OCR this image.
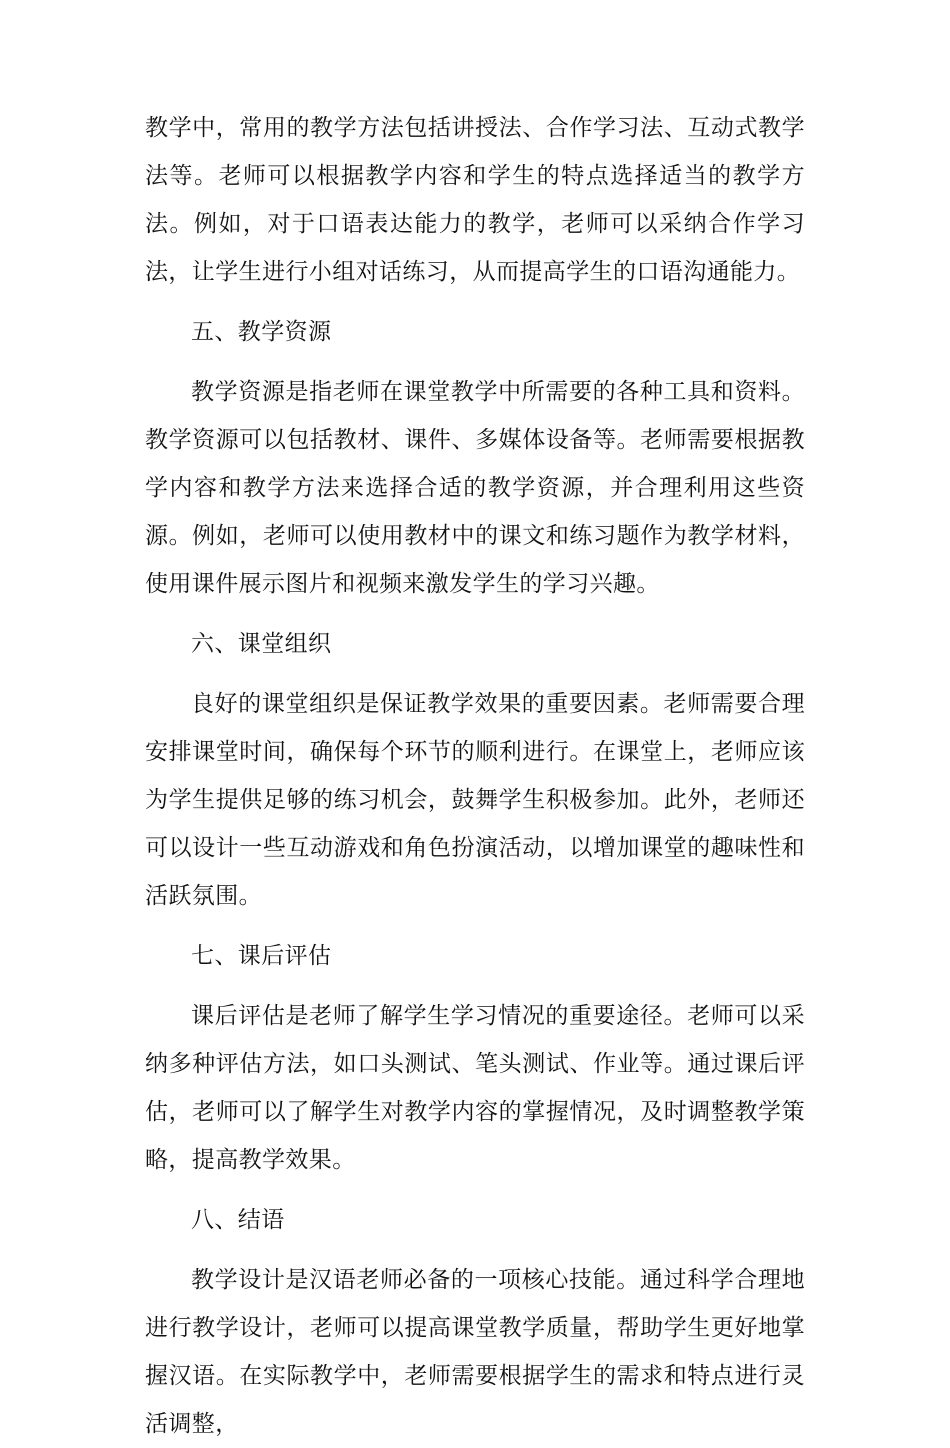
教学中，常用的教学方法包括讲授法、合作学习法、互动式教学法等。老师可以根据教学内容和学生的特点选择适当的教学方法。例如，对于口语表达能力的教学，老师可以采纳合作学习法，让学生进行小组对话练习，从而提高学生的口语沟通能力。

五、教学资源

教学资源是指老师在课堂教学中所需要的各种工具和资料。教学资源可以包括教材、课件、多媒体设备等。老师需要根据教学内容和教学方法来选择合适的教学资源，并合理利用这些资源。例如，老师可以使用教材中的课文和练习题作为教学材料，使用课件展示图片和视频来激发学生的学习兴趣。

六、课堂组织

良好的课堂组织是保证教学效果的重要因素。老师需要合理安排课堂时间，确保每个环节的顺利进行。在课堂上，老师应该为学生提供足够的练习机会，鼓舞学生积极参加。此外，老师还可以设计一些互动游戏和角色扮演活动，以增加课堂的趣味性和活跃氛围。

七、课后评估

课后评估是老师了解学生学习情况的重要途径。老师可以采纳多种评估方法，如口头测试、笔头测试、作业等。通过课后评估，老师可以了解学生对教学内容的掌握情况，及时调整教学策略，提高教学效果。

八、结语

教学设计是汉语老师必备的一项核心技能。通过科学合理地进行教学设计，老师可以提高课堂教学质量，帮助学生更好地掌握汉语。在实际教学中，老师需要根据学生的需求和特点进行灵活调整，
